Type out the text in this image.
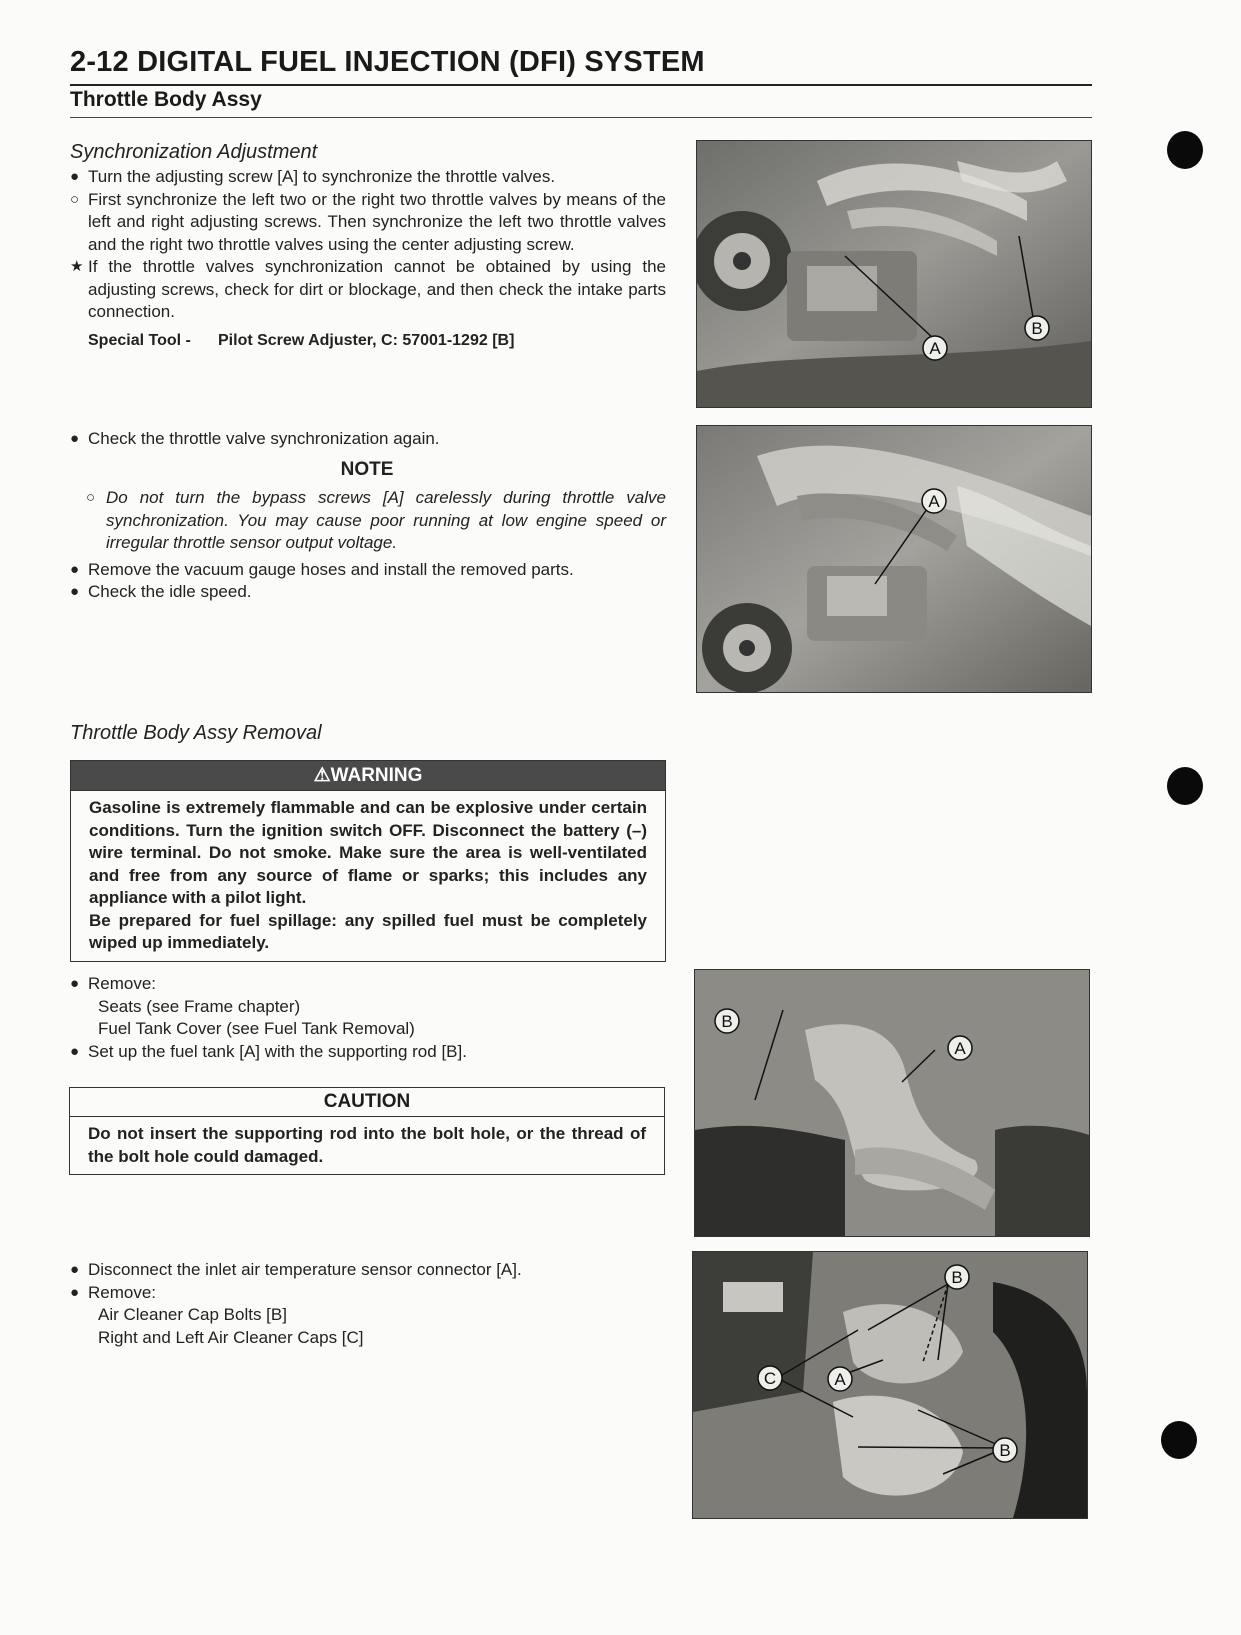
2-12 DIGITAL FUEL INJECTION (DFI) SYSTEM
Throttle Body Assy
Synchronization Adjustment
● Turn the adjusting screw [A] to synchronize the throttle valves.
○ First synchronize the left two or the right two throttle valves by means of the left and right adjusting screws. Then synchronize the left two throttle valves and the right two throttle valves using the center adjusting screw.
★ If the throttle valves synchronization cannot be obtained by using the adjusting screws, check for dirt or blockage, and then check the intake parts connection.
Special Tool - Pilot Screw Adjuster, C: 57001-1292 [B]
● Check the throttle valve synchronization again.
NOTE
○ Do not turn the bypass screws [A] carelessly during throttle valve synchronization. You may cause poor running at low engine speed or irregular throttle sensor output voltage.
● Remove the vacuum gauge hoses and install the removed parts.
● Check the idle speed.
Throttle Body Assy Removal
⚠WARNING
Gasoline is extremely flammable and can be explosive under certain conditions. Turn the ignition switch OFF. Disconnect the battery (–) wire terminal. Do not smoke. Make sure the area is well-ventilated and free from any source of flame or sparks; this includes any appliance with a pilot light.
Be prepared for fuel spillage: any spilled fuel must be completely wiped up immediately.
● Remove:
Seats (see Frame chapter)
Fuel Tank Cover (see Fuel Tank Removal)
● Set up the fuel tank [A] with the supporting rod [B].
CAUTION
Do not insert the supporting rod into the bolt hole, or the thread of the bolt hole could damaged.
● Disconnect the inlet air temperature sensor connector [A].
● Remove:
Air Cleaner Cap Bolts [B]
Right and Left Air Cleaner Caps [C]
A
B
A
B
A
B
A
C
B
